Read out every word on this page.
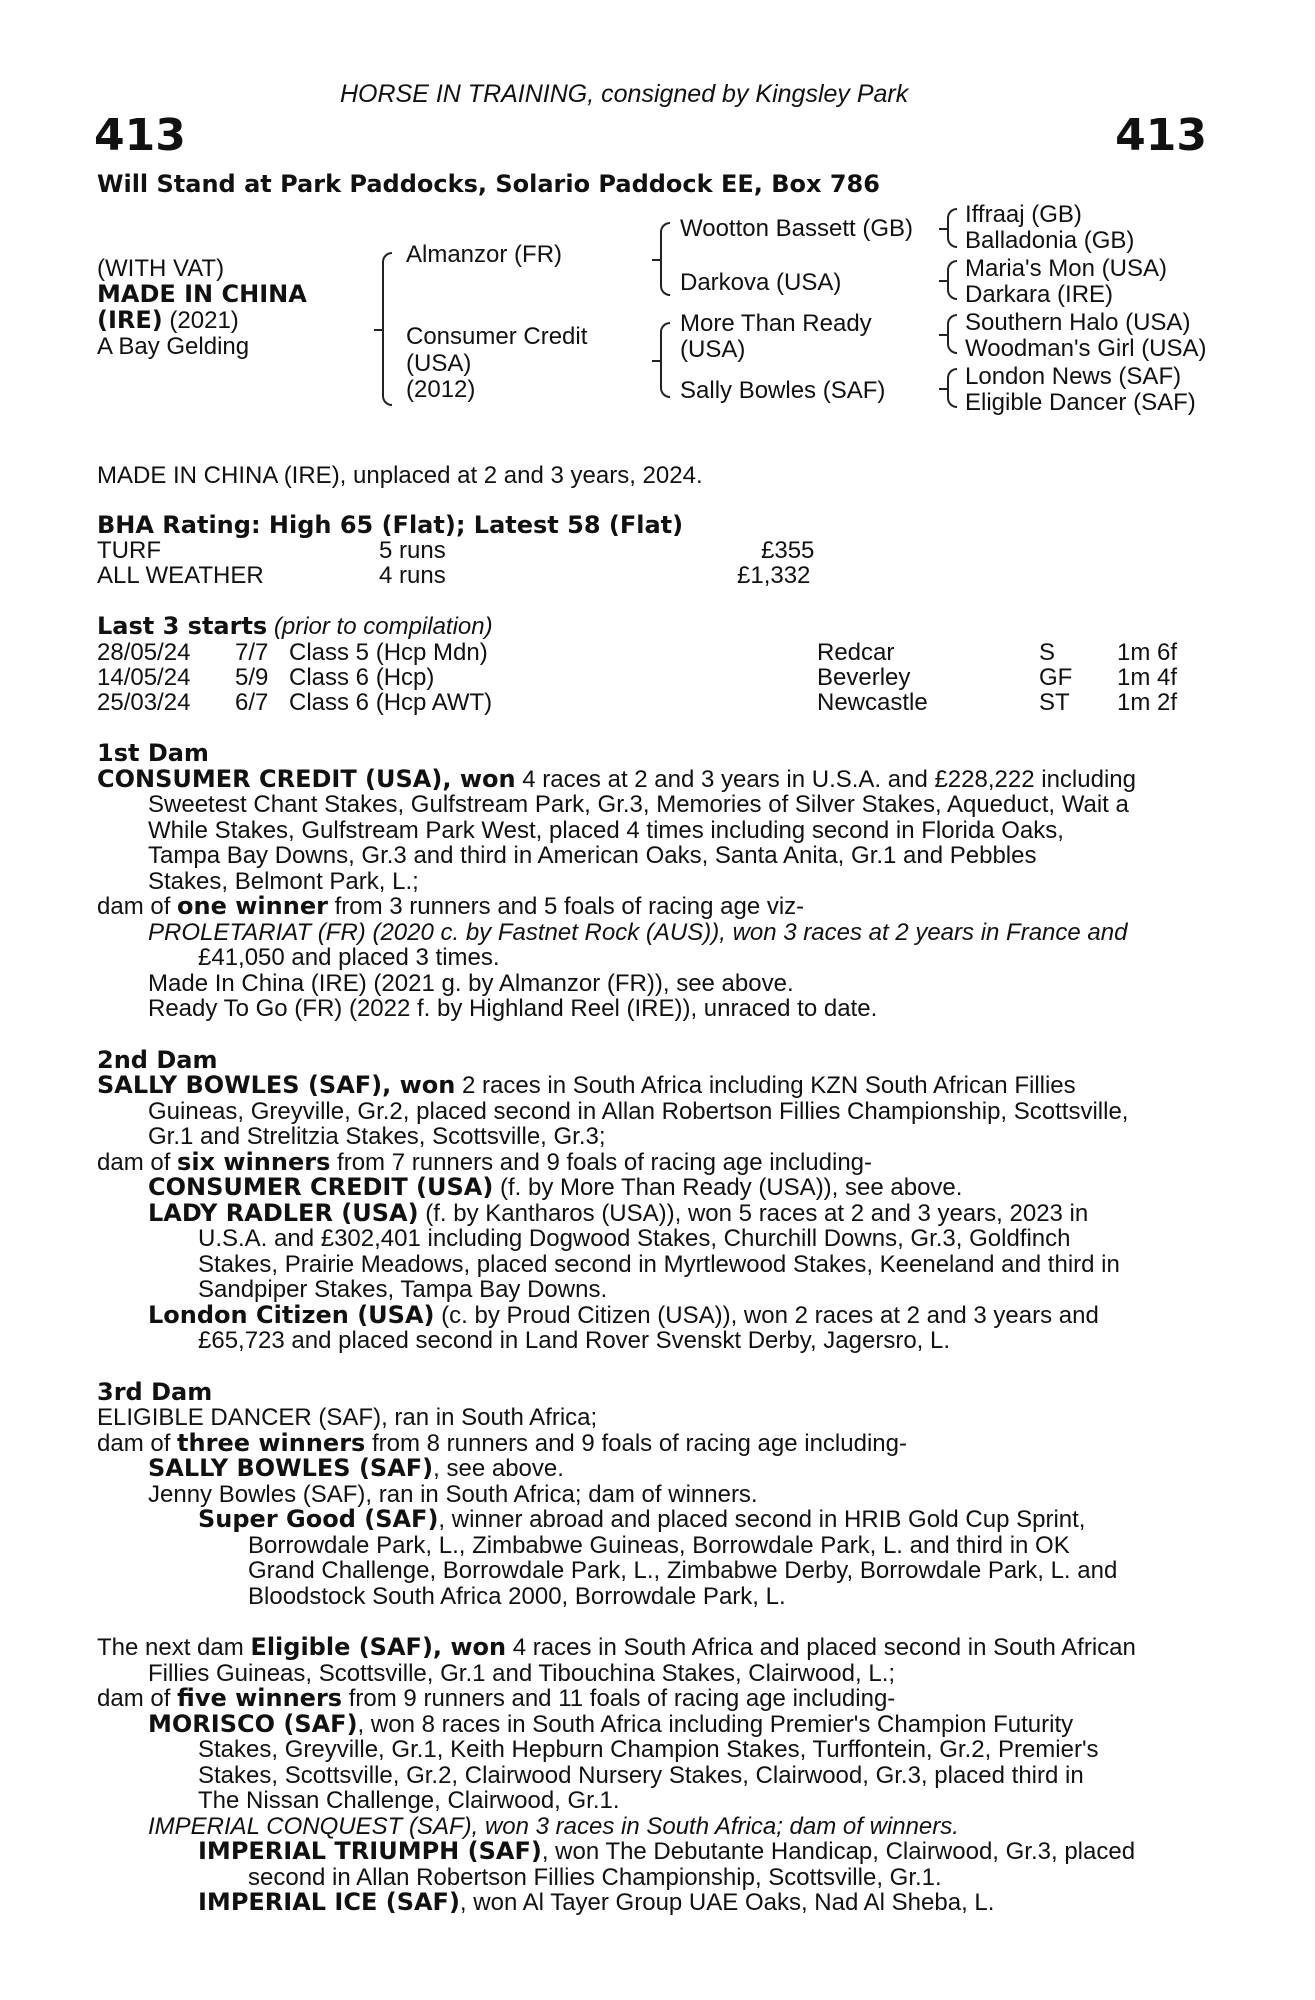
HORSE IN TRAINING, consigned by Kingsley Park
413	413
Will Stand at Park Paddocks, Solario Paddock EE, Box 786
(WITH VAT)
MADE IN CHINA
(IRE) (2021)
A Bay Gelding
Almanzor (FR)
Consumer Credit
(USA)
(2012)
Wootton Bassett (GB)
Darkova (USA)
More Than Ready
(USA)
Sally Bowles (SAF)
Iffraaj (GB)
Balladonia (GB)
Maria's Mon (USA)
Darkara (IRE)
Southern Halo (USA)
Woodman's Girl (USA)
London News (SAF)
Eligible Dancer (SAF)
MADE IN CHINA (IRE), unplaced at 2 and 3 years, 2024.
BHA Rating: High 65 (Flat); Latest 58 (Flat)
TURF	5 runs	£355
ALL WEATHER	4 runs	£1,332
Last 3 starts (prior to compilation)
28/05/24 7/7 Class 5 (Hcp Mdn)	Redcar	S	1m 6f
14/05/24 5/9 Class 6 (Hcp)	Beverley	GF 1m 4f
25/03/24 6/7 Class 6 (Hcp AWT)	Newcastle	ST 1m 2f
1st Dam
CONSUMER CREDIT (USA), won 4 races at 2 and 3 years in U.S.A. and £228,222 including
Sweetest Chant Stakes, Gulfstream Park, Gr.3, Memories of Silver Stakes, Aqueduct, Wait a
While Stakes, Gulfstream Park West, placed 4 times including second in Florida Oaks,
Tampa Bay Downs, Gr.3 and third in American Oaks, Santa Anita, Gr.1 and Pebbles
Stakes, Belmont Park, L.;
dam of one winner from 3 runners and 5 foals of racing age viz-
PROLETARIAT (FR) (2020 c. by Fastnet Rock (AUS)), won 3 races at 2 years in France and
£41,050 and placed 3 times.
Made In China (IRE) (2021 g. by Almanzor (FR)), see above.
Ready To Go (FR) (2022 f. by Highland Reel (IRE)), unraced to date.
2nd Dam
SALLY BOWLES (SAF), won 2 races in South Africa including KZN South African Fillies
Guineas, Greyville, Gr.2, placed second in Allan Robertson Fillies Championship, Scottsville,
Gr.1 and Strelitzia Stakes, Scottsville, Gr.3;
dam of six winners from 7 runners and 9 foals of racing age including-
CONSUMER CREDIT (USA) (f. by More Than Ready (USA)), see above.
LADY RADLER (USA) (f. by Kantharos (USA)), won 5 races at 2 and 3 years, 2023 in
U.S.A. and £302,401 including Dogwood Stakes, Churchill Downs, Gr.3, Goldfinch
Stakes, Prairie Meadows, placed second in Myrtlewood Stakes, Keeneland and third in
Sandpiper Stakes, Tampa Bay Downs.
London Citizen (USA) (c. by Proud Citizen (USA)), won 2 races at 2 and 3 years and
£65,723 and placed second in Land Rover Svenskt Derby, Jagersro, L.
3rd Dam
ELIGIBLE DANCER (SAF), ran in South Africa;
dam of three winners from 8 runners and 9 foals of racing age including-
SALLY BOWLES (SAF), see above.
Jenny Bowles (SAF), ran in South Africa; dam of winners.
Super Good (SAF), winner abroad and placed second in HRIB Gold Cup Sprint,
Borrowdale Park, L., Zimbabwe Guineas, Borrowdale Park, L. and third in OK
Grand Challenge, Borrowdale Park, L., Zimbabwe Derby, Borrowdale Park, L. and
Bloodstock South Africa 2000, Borrowdale Park, L.
The next dam Eligible (SAF), won 4 races in South Africa and placed second in South African
Fillies Guineas, Scottsville, Gr.1 and Tibouchina Stakes, Clairwood, L.;
dam of five winners from 9 runners and 11 foals of racing age including-
MORISCO (SAF), won 8 races in South Africa including Premier's Champion Futurity
Stakes, Greyville, Gr.1, Keith Hepburn Champion Stakes, Turffontein, Gr.2, Premier's
Stakes, Scottsville, Gr.2, Clairwood Nursery Stakes, Clairwood, Gr.3, placed third in
The Nissan Challenge, Clairwood, Gr.1.
IMPERIAL CONQUEST (SAF), won 3 races in South Africa; dam of winners.
IMPERIAL TRIUMPH (SAF), won The Debutante Handicap, Clairwood, Gr.3, placed
second in Allan Robertson Fillies Championship, Scottsville, Gr.1.
IMPERIAL ICE (SAF), won Al Tayer Group UAE Oaks, Nad Al Sheba, L.
